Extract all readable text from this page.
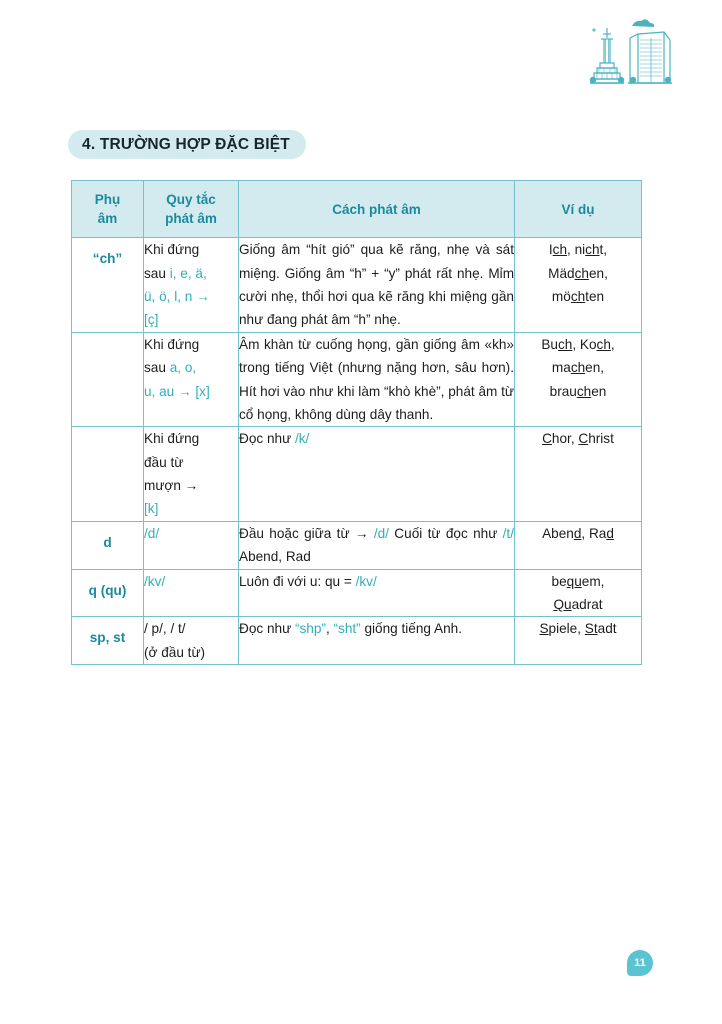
4. TRƯỜNG HỢP ĐẶC BIỆT
Phụ
âm	Quy tắc
phát âm	Cách phát âm	Ví dụ
“ch”	Khi đứng
sau i, e, ä,
ü, ö, l, n →
[ç]	Giống âm “hít gió” qua kẽ răng, nhẹ và sát miệng. Giống âm “h” + “y” phát rất nhẹ. Mỉm cười nhẹ, thổi hơi qua kẽ răng khi miệng gần như đang phát âm “h” nhẹ.	Ich, nicht,
Mädchen,
möchten
	Khi đứng
sau a, o,
u, au → [x]	Âm khàn từ cuống họng, gần giống âm «kh» trong tiếng Việt (nhưng nặng hơn, sâu hơn). Hít hơi vào như khi làm “khò khè”, phát âm từ cổ họng, không dùng dây thanh.	Buch, Koch,
machen,
brauchen
	Khi đứng
đầu từ
mượn →
[k]	Đọc như /k/	Chor, Christ
d	/d/	Đầu hoặc giữa từ → /d/ Cuối từ đọc như /t/ Abend, Rad	Abend, Rad
q (qu)	/kv/	Luôn đi với u: qu = /kv/	bequem,
Quadrat
sp, st	/ p/, / t/
(ở đầu từ)	Đọc như “shp”, “sht” giống tiếng Anh.	Spiele, Stadt
11
